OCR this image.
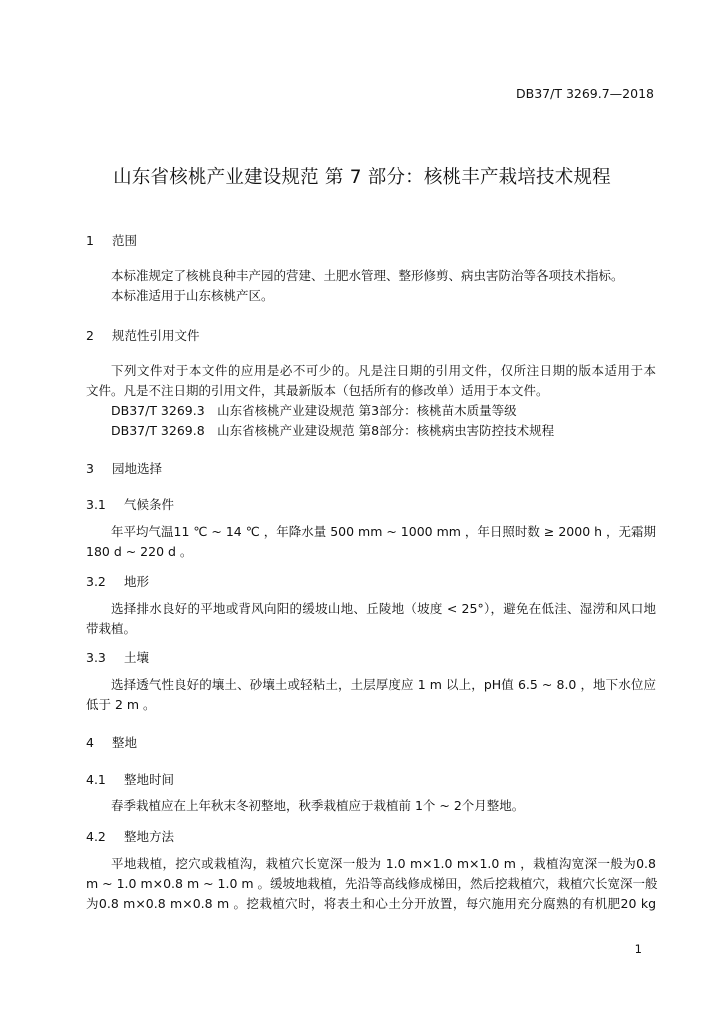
DB37/T 3269.7—2018
山东省核桃产业建设规范 第 7 部分：核桃丰产栽培技术规程
1 范围
本标准规定了核桃良种丰产园的营建、土肥水管理、整形修剪、病虫害防治等各项技术指标。
本标准适用于山东核桃产区。
2 规范性引用文件
下列文件对于本文件的应用是必不可少的。凡是注日期的引用文件，仅所注日期的版本适用于本
文件。凡是不注日期的引用文件，其最新版本（包括所有的修改单）适用于本文件。
DB37/T 3269.3　山东省核桃产业建设规范 第3部分：核桃苗木质量等级
DB37/T 3269.8　山东省核桃产业建设规范 第8部分：核桃病虫害防控技术规程
3 园地选择
3.1 气候条件
年平均气温11 ℃ ~ 14 ℃ ，年降水量 500 mm ~ 1000 mm ，年日照时数 ≥ 2000 h ，无霜期
180 d ~ 220 d 。
3.2 地形
选择排水良好的平地或背风向阳的缓坡山地、丘陵地（坡度 < 25°），避免在低洼、湿涝和风口地
带栽植。
3.3 土壤
选择透气性良好的壤土、砂壤土或轻粘土，土层厚度应 1 m 以上，pH值 6.5 ~ 8.0 ，地下水位应
低于 2 m 。
4 整地
4.1 整地时间
春季栽植应在上年秋末冬初整地，秋季栽植应于栽植前 1个 ~ 2个月整地。
4.2 整地方法
平地栽植，挖穴或栽植沟，栽植穴长宽深一般为 1.0 m×1.0 m×1.0 m ，栽植沟宽深一般为0.8
m ~ 1.0 m×0.8 m ~ 1.0 m 。缓坡地栽植，先沿等高线修成梯田，然后挖栽植穴，栽植穴长宽深一般
为0.8 m×0.8 m×0.8 m 。挖栽植穴时，将表土和心土分开放置，每穴施用充分腐熟的有机肥20 kg
1
